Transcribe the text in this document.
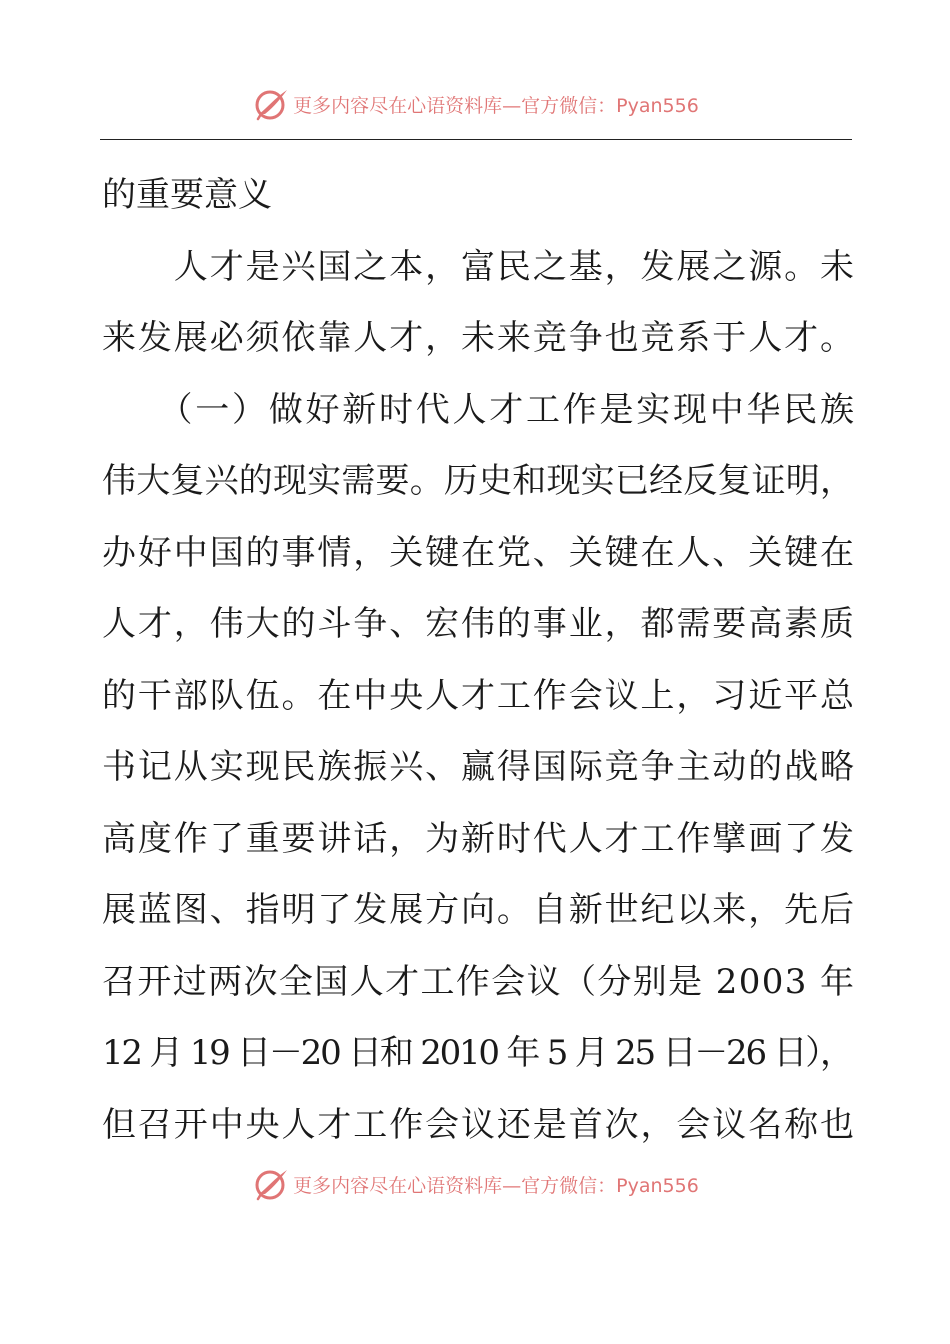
更多内容尽在心语资料库—官方微信：Pyan556
的重要意义
　　人才是兴国之本，富民之基，发展之源。未
来发展必须依靠人才，未来竞争也竞系于人才。
　　（一）做好新时代人才工作是实现中华民族
伟大复兴的现实需要。历史和现实已经反复证明，
办好中国的事情，关键在党、关键在人、关键在
人才，伟大的斗争、宏伟的事业，都需要高素质
的干部队伍。在中央人才工作会议上，习近平总
书记从实现民族振兴、赢得国际竞争主动的战略
高度作了重要讲话，为新时代人才工作擘画了发
展蓝图、指明了发展方向。自新世纪以来，先后
召开过两次全国人才工作会议（分别是 2003 年
12 月 19 日－20 日和 2010 年 5 月 25 日－26 日），
但召开中央人才工作会议还是首次，会议名称也
更多内容尽在心语资料库—官方微信：Pyan556
